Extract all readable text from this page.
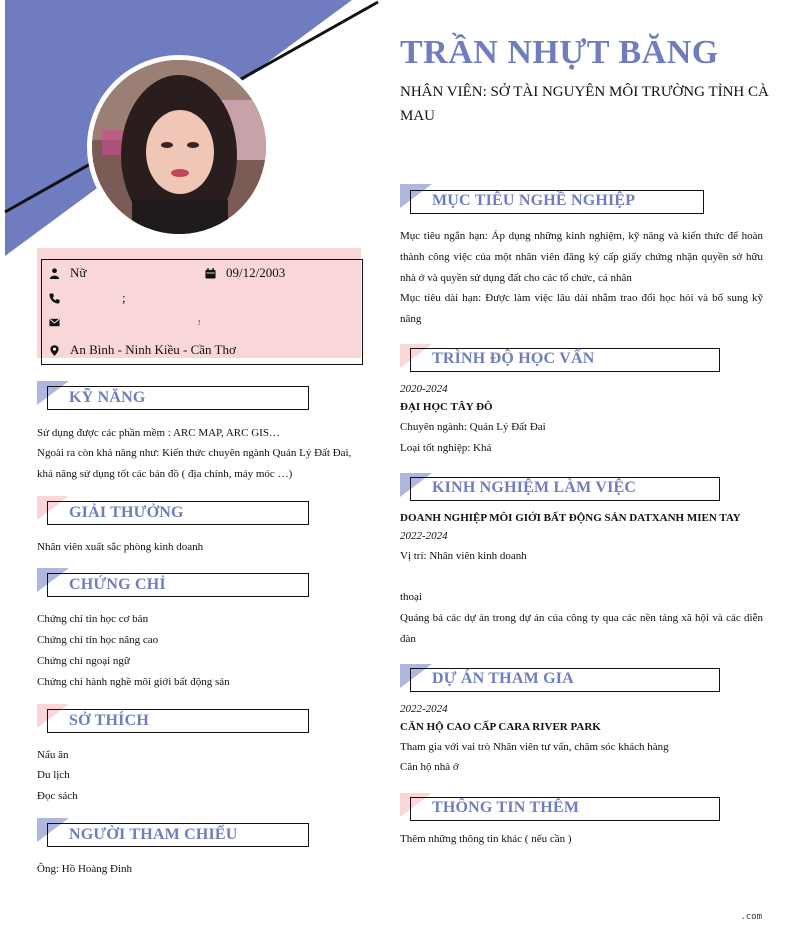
TRẦN NHỰT BĂNG
NHÂN VIÊN: SỞ TÀI NGUYÊN MÔI TRƯỜNG TỈNH CÀ MAU
Nữ	09/12/2003
;
!
An Bình - Ninh Kiều - Cần Thơ
KỸ NĂNG
Sử dụng được các phần mềm : ARC MAP, ARC GIS…
Ngoài ra còn khả năng như: Kiến thức chuyên ngành Quản Lý Đất Đai,
khả năng sử dụng tốt các bản đồ ( địa chính, máy móc …)
GIẢI THƯỞNG
Nhân viên xuất sắc phòng kinh doanh
CHỨNG CHỈ
Chứng chỉ tin học cơ bản
Chứng chỉ tin học nâng cao
Chứng chỉ ngoại ngữ
Chứng chỉ hành nghề môi giới bất động sản
SỞ THÍCH
Nấu ăn
Du lịch
Đọc sách
NGƯỜI THAM CHIẾU
Ông: Hồ Hoàng Đinh
MỤC TIÊU NGHỀ NGHIỆP
Mục tiêu ngắn hạn: Áp dụng những kinh nghiệm, kỹ năng và kiến thức để hoàn thành công việc của một nhân viên đăng ký cấp giấy chứng nhận quyền sở hữu nhà ở và quyền sử dụng đất cho các tổ chức, cá nhân
Mục tiêu dài hạn: Được làm việc lâu dài nhằm trao đổi học hỏi và bổ sung kỹ năng
TRÌNH ĐỘ HỌC VẤN
2020-2024
ĐẠI HỌC TÂY ĐÔ
Chuyên ngành: Quản Lý Đất Đai
Loại tốt nghiệp: Khá
KINH NGHIỆM LÀM VIỆC
DOANH NGHIỆP MÔI GIỚI BẤT ĐỘNG SẢN DATXANH MIEN TAY
2022-2024
Vị trí: Nhân viên kinh doanh
thoại
Quảng bá các dự án trong dự án của công ty qua các nền tảng xã hội và các diễn đàn
DỰ ÁN THAM GIA
2022-2024
CĂN HỘ CAO CẤP CARA RIVER PARK
Tham gia với vai trò Nhân viên tư vấn, chăm sóc khách hàng
Căn hộ nhà ở
THÔNG TIN THÊM
Thêm những thông tin khác ( nếu cần )
.com
